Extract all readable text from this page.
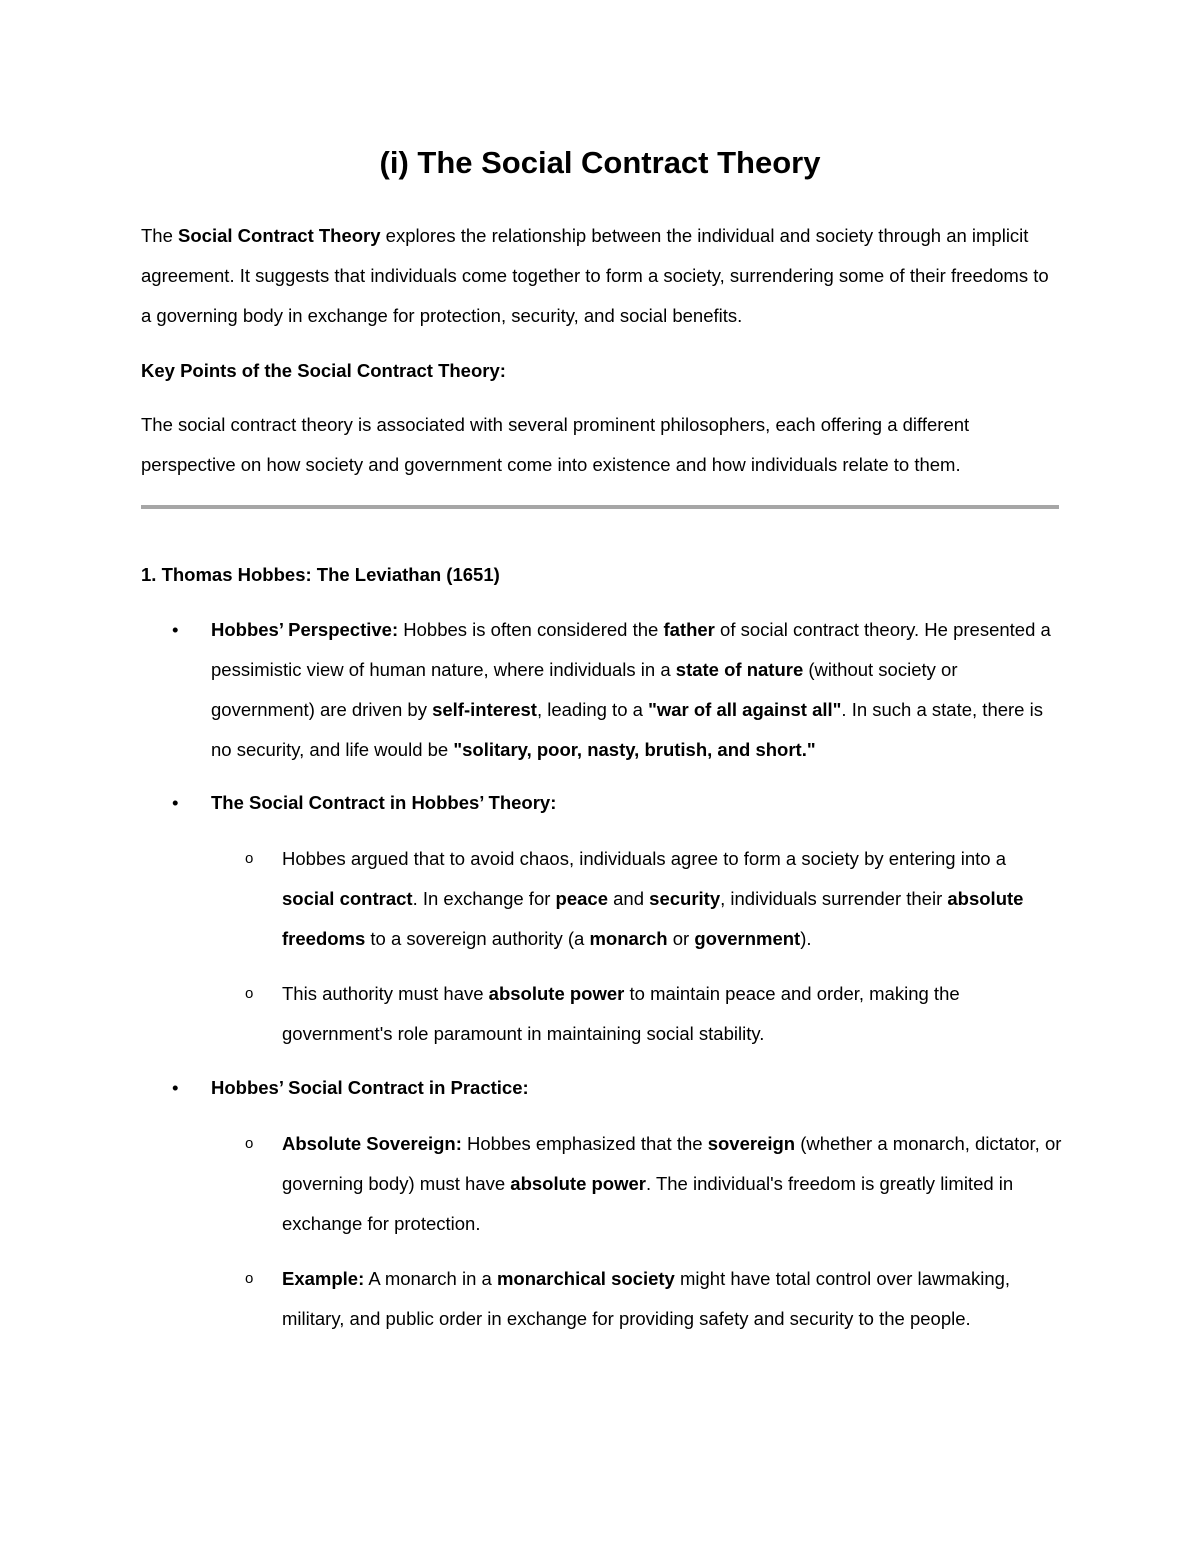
(i) The Social Contract Theory

The Social Contract Theory explores the relationship between the individual and society through an implicit agreement. It suggests that individuals come together to form a society, surrendering some of their freedoms to a governing body in exchange for protection, security, and social benefits.

Key Points of the Social Contract Theory:

The social contract theory is associated with several prominent philosophers, each offering a different perspective on how society and government come into existence and how individuals relate to them.

1. Thomas Hobbes: The Leviathan (1651)
• Hobbes’ Perspective: Hobbes is often considered the father of social contract theory. He presented a pessimistic view of human nature, where individuals in a state of nature (without society or government) are driven by self-interest, leading to a "war of all against all". In such a state, there is no security, and life would be "solitary, poor, nasty, brutish, and short."

• The Social Contract in Hobbes’ Theory:

o Hobbes argued that to avoid chaos, individuals agree to form a society by entering into a social contract. In exchange for peace and security, individuals surrender their absolute freedoms to a sovereign authority (a monarch or government).

o This authority must have absolute power to maintain peace and order, making the government's role paramount in maintaining social stability.

• Hobbes’ Social Contract in Practice:

o Absolute Sovereign: Hobbes emphasized that the sovereign (whether a monarch, dictator, or governing body) must have absolute power. The individual's freedom is greatly limited in exchange for protection.

o Example: A monarch in a monarchical society might have total control over lawmaking, military, and public order in exchange for providing safety and security to the people.
